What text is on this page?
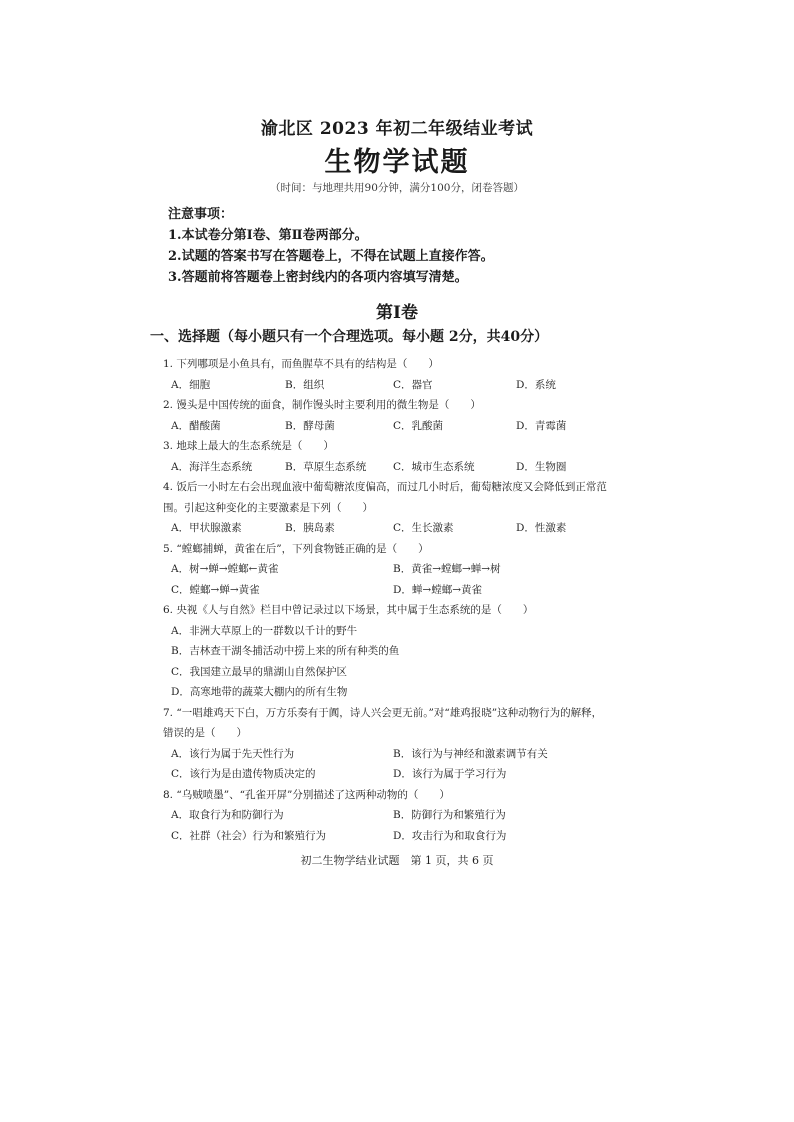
渝北区 2023 年初二年级结业考试
生物学试题
（时间：与地理共用90分钟，满分100分，闭卷答题）
注意事项：
1.本试卷分第Ⅰ卷、第Ⅱ卷两部分。
2.试题的答案书写在答题卷上，不得在试题上直接作答。
3.答题前将答题卷上密封线内的各项内容填写清楚。
第Ⅰ卷
一、选择题（每小题只有一个合理选项。每小题 2分，共40分）
1. 下列哪项是小鱼具有，而鱼腥草不具有的结构是（　　）
A．细胞	B．组织	C．器官	D．系统
2. 馒头是中国传统的面食，制作馒头时主要利用的微生物是（　　）
A．醋酸菌	B．酵母菌	C．乳酸菌	D．青霉菌
3. 地球上最大的生态系统是（　　）
A．海洋生态系统	B．草原生态系统	C．城市生态系统	D．生物圈
4. 饭后一小时左右会出现血液中葡萄糖浓度偏高，而过几小时后，葡萄糖浓度又会降低到正常范
围。引起这种变化的主要激素是下列（　　）
A．甲状腺激素	B．胰岛素	C．生长激素	D．性激素
5. “螳螂捕蝉，黄雀在后”，下列食物链正确的是（　　）
A．树→蝉→螳螂←黄雀	B．黄雀→螳螂→蝉→树
C．螳螂→蝉→黄雀	D．蝉→螳螂→黄雀
6. 央视《人与自然》栏目中曾记录过以下场景，其中属于生态系统的是（　　）
A．非洲大草原上的一群数以千计的野牛
B．吉林查干湖冬捕活动中捞上来的所有种类的鱼
C．我国建立最早的鼎湖山自然保护区
D．高寒地带的蔬菜大棚内的所有生物
7. “一唱雄鸡天下白，万方乐奏有于阗，诗人兴会更无前。”对“雄鸡报晓”这种动物行为的解释，
错误的是（　　）
A．该行为属于先天性行为	B．该行为与神经和激素调节有关
C．该行为是由遗传物质决定的	D．该行为属于学习行为
8. “乌贼喷墨”、“孔雀开屏”分别描述了这两种动物的（　　）
A．取食行为和防御行为	B．防御行为和繁殖行为
C．社群（社会）行为和繁殖行为	D．攻击行为和取食行为
初二生物学结业试题　第 1 页，共 6 页
